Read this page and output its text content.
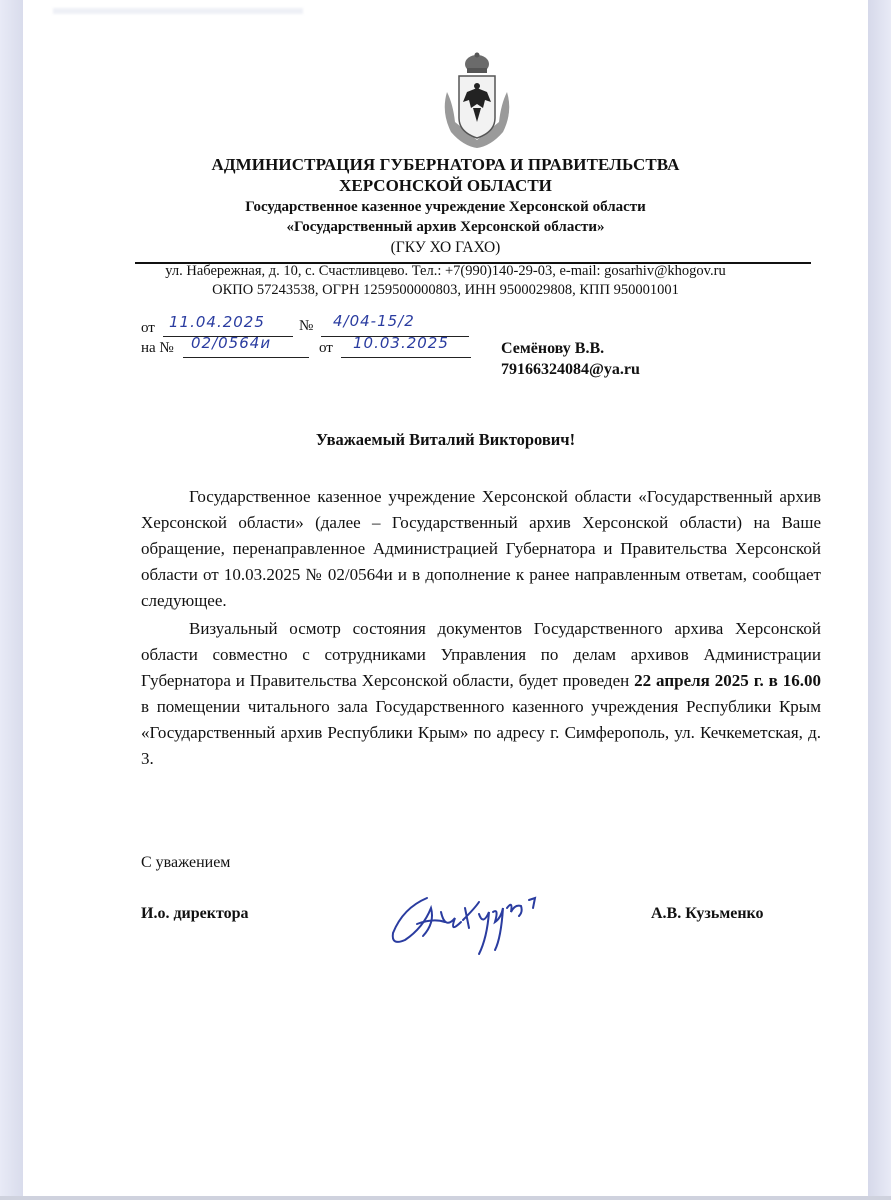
АДМИНИСТРАЦИЯ ГУБЕРНАТОРА И ПРАВИТЕЛЬСТВА
ХЕРСОНСКОЙ ОБЛАСТИ
Государственное казенное учреждение Херсонской области
«Государственный архив Херсонской области»
(ГКУ ХО ГАХО)
ул. Набережная, д. 10, с. Счастливцево. Тел.: +7(990)140-29-03, e-mail: gosarhiv@khogov.ru
ОКПО 57243538, ОГРН 1259500000803, ИНН 9500029808, КПП 950001001
от 11.04.2025 № 4/04-15/2
на № 02/0564и	от 10.03.2025	Семёнову В.В.
79166324084@ya.ru
Уважаемый Виталий Викторович!

Государственное казенное учреждение Херсонской области «Государственный архив Херсонской области» (далее – Государственный архив Херсонской области) на Ваше обращение, перенаправленное Администрацией Губернатора и Правительства Херсонской области от 10.03.2025 № 02/0564и и в дополнение к ранее направленным ответам, сообщает следующее.

Визуальный осмотр состояния документов Государственного архива Херсонской области совместно с сотрудниками Управления по делам архивов Администрации Губернатора и Правительства Херсонской области, будет проведен 22 апреля 2025 г. в 16.00 в помещении читального зала Государственного казенного учреждения Республики Крым «Государственный архив Республики Крым» по адресу г. Симферополь, ул. Кечкеметская, д. 3.

С уважением
И.о. директора	А.В. Кузьменко
